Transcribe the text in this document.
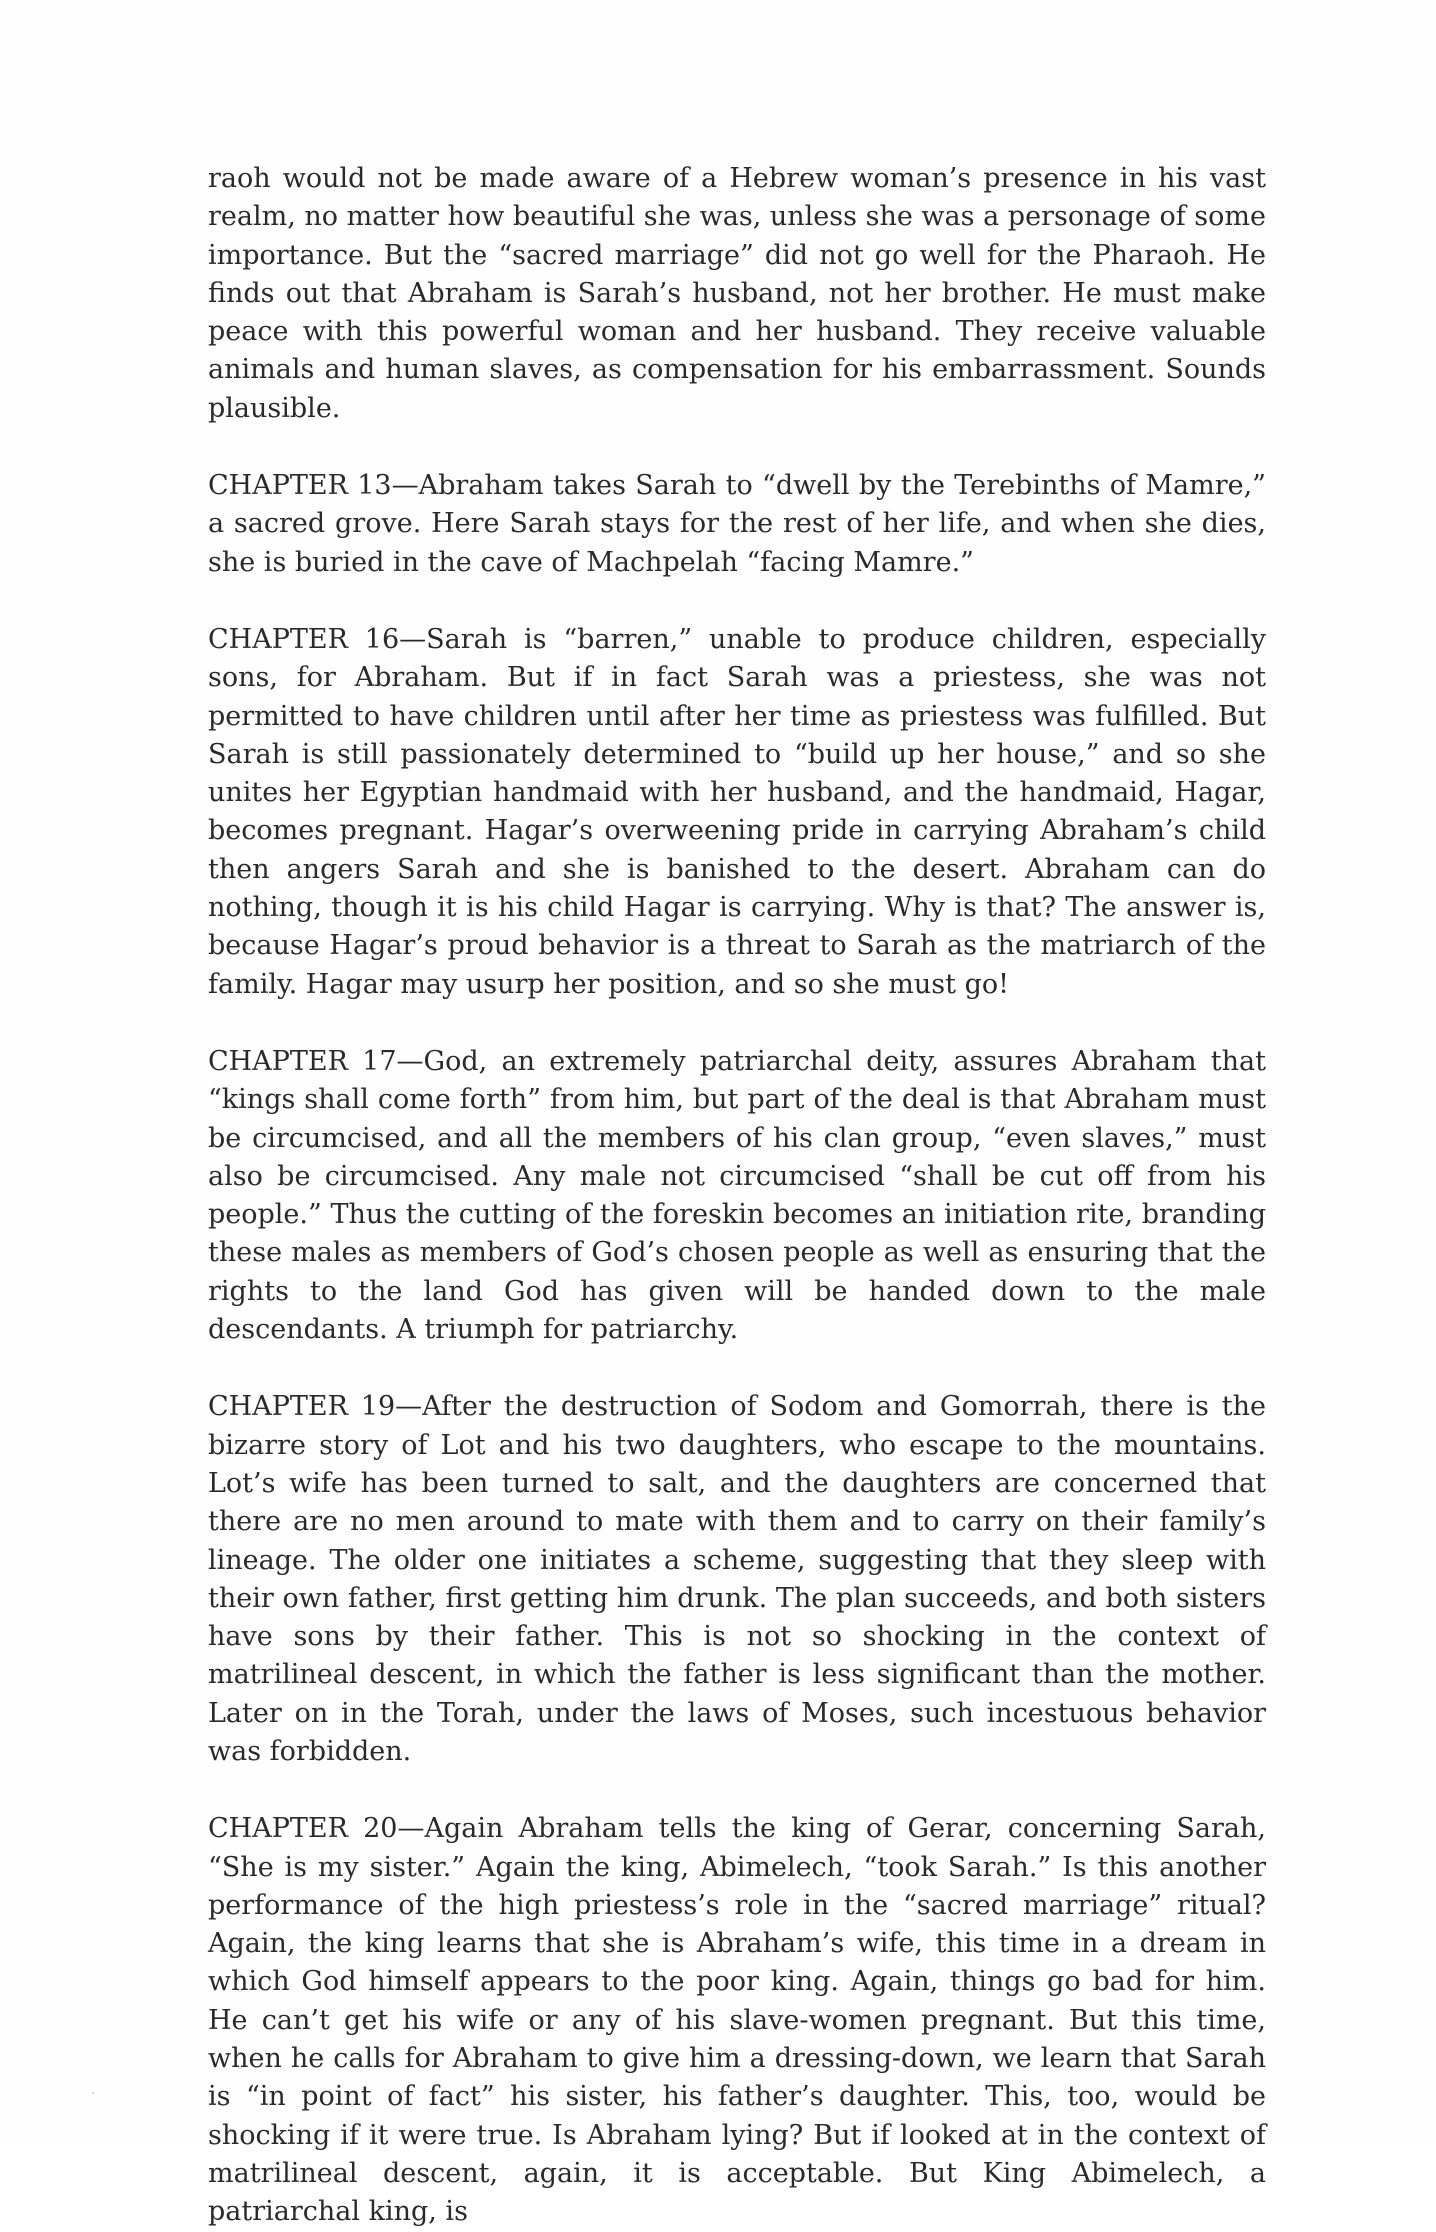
raoh would not be made aware of a Hebrew woman’s presence in his vast realm, no matter how beautiful she was, unless she was a personage of some importance. But the “sacred marriage” did not go well for the Pharaoh. He finds out that Abraham is Sarah’s husband, not her brother. He must make peace with this powerful woman and her husband. They receive valuable animals and human slaves, as compensation for his embarrassment. Sounds plausible.

CHAPTER 13—Abraham takes Sarah to “dwell by the Terebinths of Mamre,” a sacred grove. Here Sarah stays for the rest of her life, and when she dies, she is buried in the cave of Machpelah “facing Mamre.”

CHAPTER 16—Sarah is “barren,” unable to produce children, especially sons, for Abraham. But if in fact Sarah was a priestess, she was not permitted to have children until after her time as priestess was fulfilled. But Sarah is still passionately determined to “build up her house,” and so she unites her Egyptian handmaid with her husband, and the handmaid, Hagar, becomes pregnant. Hagar’s overweening pride in carrying Abraham’s child then angers Sarah and she is banished to the desert. Abraham can do nothing, though it is his child Hagar is carrying. Why is that? The answer is, because Hagar’s proud behavior is a threat to Sarah as the matriarch of the family. Hagar may usurp her position, and so she must go!

CHAPTER 17—God, an extremely patriarchal deity, assures Abraham that “kings shall come forth” from him, but part of the deal is that Abraham must be circumcised, and all the members of his clan group, “even slaves,” must also be circumcised. Any male not circumcised “shall be cut off from his people.” Thus the cutting of the foreskin becomes an initiation rite, branding these males as members of God’s chosen people as well as ensuring that the rights to the land God has given will be handed down to the male descendants. A triumph for patriarchy.

CHAPTER 19—After the destruction of Sodom and Gomorrah, there is the bizarre story of Lot and his two daughters, who escape to the mountains. Lot’s wife has been turned to salt, and the daughters are concerned that there are no men around to mate with them and to carry on their family’s lineage. The older one initiates a scheme, suggesting that they sleep with their own father, first getting him drunk. The plan succeeds, and both sisters have sons by their father. This is not so shocking in the context of matrilineal descent, in which the father is less significant than the mother. Later on in the Torah, under the laws of Moses, such incestuous behavior was forbidden.

CHAPTER 20—Again Abraham tells the king of Gerar, concerning Sarah, “She is my sister.” Again the king, Abimelech, “took Sarah.” Is this another performance of the high priestess’s role in the “sacred marriage” ritual? Again, the king learns that she is Abraham’s wife, this time in a dream in which God himself appears to the poor king. Again, things go bad for him. He can’t get his wife or any of his slave-women pregnant. But this time, when he calls for Abraham to give him a dressing-down, we learn that Sarah is “in point of fact” his sister, his father’s daughter. This, too, would be shocking if it were true. Is Abraham lying? But if looked at in the context of matrilineal descent, again, it is acceptable. But King Abimelech, a patriarchal king, is
